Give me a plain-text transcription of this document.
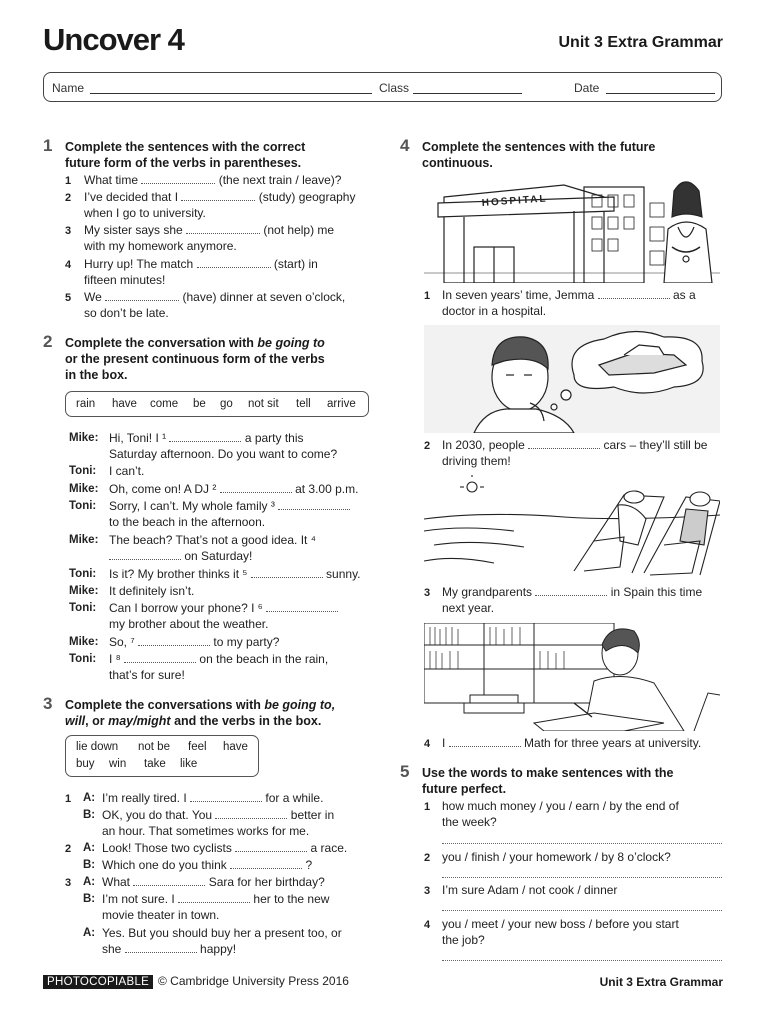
Uncover 4	Unit 3 Extra Grammar
Name	Class	Date
1 Complete the sentences with the correct
future form of the verbs in parentheses.
1 What time	(the next train / leave)?
2 I’ve decided that I	(study) geography
when I go to university.
3 My sister says she	(not help) me
with my homework anymore.
4 Hurry up! The match	(start) in
fifteen minutes!
5 We	(have) dinner at seven o’clock,
so don’t be late.
2 Complete the conversation with be going to
or the present continuous form of the verbs
in the box.
rain have come be go not sit tell arrive
Mike: Hi, Toni! I ¹	a party this
Saturday afternoon. Do you want to come?
Toni: I can’t.
Mike: Oh, come on! A DJ ²	at 3.00 p.m.
Toni: Sorry, I can’t. My whole family ³
to the beach in the afternoon.
Mike: The beach? That’s not a good idea. It ⁴
on Saturday!
Toni: Is it? My brother thinks it ⁵	sunny.
Mike: It definitely isn’t.
Toni: Can I borrow your phone? I ⁶
my brother about the weather.
Mike: So, ⁷	to my party?
Toni: I ⁸	on the beach in the rain,
that’s for sure!
3 Complete the conversations with be going to,
will, or may/might and the verbs in the box.
lie down not be feel have
buy win take like
1 A: I’m really tired. I	for a while.
B: OK, you do that. You	better in
an hour. That sometimes works for me.
2 A: Look! Those two cyclists	a race.
B: Which one do you think	?
3 A: What	Sara for her birthday?
B: I’m not sure. I	her to the new
movie theater in town.
A: Yes. But you should buy her a present too, or
she	happy!
4 Complete the sentences with the future
continuous.
HOSPITAL
1 In seven years’ time, Jemma	as a
doctor in a hospital.
2 In 2030, people	cars – they’ll still be
driving them!
3 My grandparents	in Spain this time
next year.
4 I	Math for three years at university.
5 Use the words to make sentences with the
future perfect.
1 how much money / you / earn / by the end of
the week?
2 you / finish / your homework / by 8 o’clock?
3 I’m sure Adam / not cook / dinner
4 you / meet / your new boss / before you start
the job?
PHOTOCOPIABLE © Cambridge University Press 2016	Unit 3 Extra Grammar
